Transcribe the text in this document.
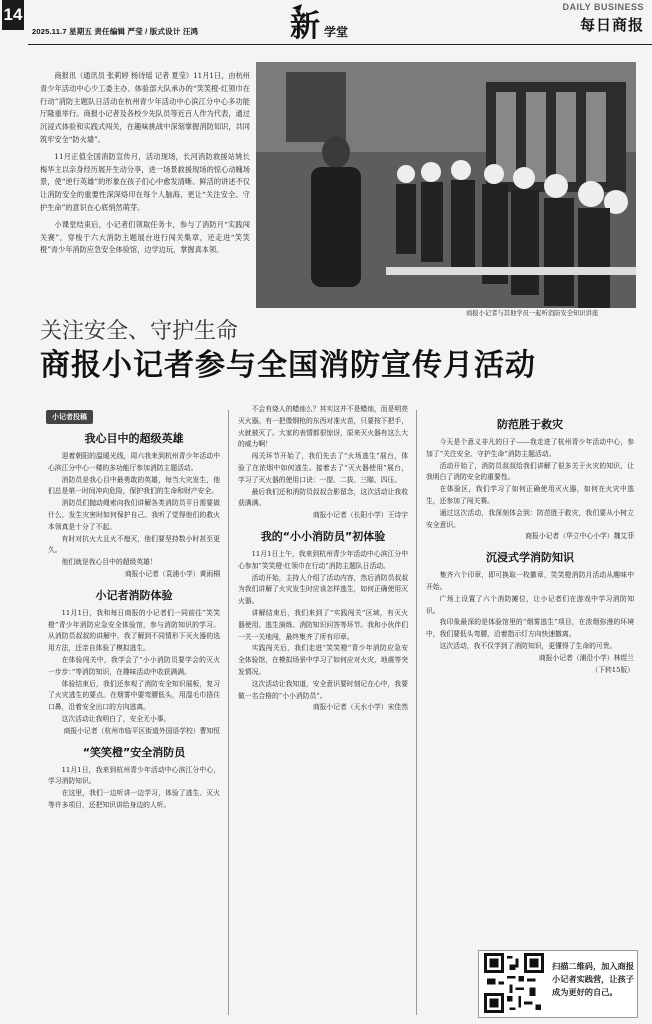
14
2025.11.7 星期五 责任编辑 严莹 / 版式设计 汪鸿	新 学堂
DAILY BUSINESS
每日商报

商报讯（通讯员 张莉婷 杨诗瑶 记者 夏莹）11月1日，由杭州青少年活动中心少工委主办、体验部大队承办的“笑笑橙·红领巾在行动”消防主题队日活动在杭州青少年活动中心滨江分中心多功能厅隆重举行。商报小记者及各校少先队员等近百人作为代表，通过沉浸式体验和实践式闯关，在趣味挑战中深刻掌握消防知识，共同筑牢安全“防火墙”。

11月正值全国消防宣传月，活动现场，长河消防救援站姚长梅华主以亲身经历展开生动分享，进一场景救援现场的惊心动魄场景，使“逆行英雄”的形象在孩子们心中愈发清晰。鲜活的讲述不仅让消防安全的重要性深深烙印在每个人脑海，更让“关注安全、守护生命”的意识在心底悄然萌芽。

小课堂结束后，小记者们领取任务卡，参与了消防月“实践闯关赛”，穿梭于六大消防主题展台进行闯关集章，还走进“笑笑橙”青少年消防应急安全体验馆，边学边玩，掌握真本领。

商报小记者与其他学员一起听消防安全知识讲座
关注安全、守护生命
商报小记者参与全国消防宣传月活动
小记者投稿
我心目中的超级英雄

迎着朝阳的温暖光线，周六我来到杭州青少年活动中心滨江分中心一楼的多功能厅参加消防主题活动。

消防员是我心目中最勇敢的英雄，每当大灾发生，他们总是第一时间冲向危险，保护我们的生命和财产安全。

消防员们抛动绳索向我们讲解各类消防员平日需要做什么，发生灾害时如何保护自己。我听了觉得他们的救火本领真是十分了不起。

有时对抗火大且火不熄灭，他们要坚持数小时甚至更久。

他们就是我心目中的超级英雄！

商报小记者（袁浦小学）黄雨桐

小记者消防体验

11月1日，我和每日商报的小记者们一同前往“笑笑橙”青少年消防应急安全体验馆，参与消防知识的学习。从消防员叔叔的讲解中，我了解到不同情形下灭火器的选用方法，还亲自体验了模拟逃生。

在体验闯关中，我学会了“小小消防员要学会的灭火一步步：”等消防知识，在趣味活动中收获满满。

体验结束后，我们还参观了消防安全知识展板，复习了火灾逃生的要点。在烟雾中要弯腰低头，用湿毛巾捂住口鼻，沿着安全出口的方向逃离。

这次活动让我明白了，安全无小事。

商报小记者（杭州市临平区街道外国语学校）曹知恒

“笑笑橙”安全消防员

11月1日，我来到杭州青少年活动中心滨江分中心，学习消防知识。

在这里，我们一边听讲一边学习，体验了逃生、灭火等许多项目，还把知识讲给身边的人听。

不会有烧人的蜡烛么？其实这并不是蜡烛，而是明亮灭火器。有一把像钢枪的东西对准火苗，只要按下把手，火就被灭了。大家的表情都很惊讶，原来灭火器有这么大的威力啊！

闯关环节开始了，我们先去了“火场逃生”展台，体验了在浓烟中如何逃生。接着去了“灭火器使用”展台，学习了灭火器的使用口诀：一提、二拔、三瞄、四压。

最后我们还和消防员叔叔合影留念，这次活动让我收获满满。

商报小记者（长阳小学）王诗宇

我的“小小消防员”初体验

11月1日上午，我来到杭州青少年活动中心滨江分中心参加“笑笑橙·红领巾在行动”消防主题队日活动。

活动开始，主持人介绍了活动内容，然后消防员叔叔为我们讲解了火灾发生时应该怎样逃生，如何正确使用灭火器。

讲解结束后，我们来到了“实践闯关”区域，有灭火器使用、逃生演练、消防知识问答等环节。我和小伙伴们一关一关地闯，最终集齐了所有印章。

实践闯关后，我们走进“笑笑橙”青少年消防应急安全体验馆，在模拟场景中学习了如何应对火灾、地震等突发情况。

这次活动让我知道，安全意识要时刻记在心中，我要做一名合格的“小小消防员”。

商报小记者（天水小学）宋佳然

防范胜于救灾

今天是个意义非凡的日子——我走进了杭州青少年活动中心，参加了“关注安全、守护生命”消防主题活动。

活动开始了，消防员叔叔给我们讲解了很多关于火灾的知识，让我明白了消防安全的重要性。

在体验区，我们学习了如何正确使用灭火器，如何在火灾中逃生，还参加了闯关赛。

通过这次活动，我深刻体会到：防范胜于救灾，我们要从小树立安全意识。

商报小记者（华立中心小学）魏艾菲

沉浸式学消防知识

集齐六个印章，即可换取一枚徽章，笑笑橙消防月活动从趣味中开始。

广场上设置了六个消防摊位，让小记者们在游戏中学习消防知识。

我印象最深的是体验馆里的“烟雾逃生”项目，在浓烟弥漫的环境中，我们要低头弯腰，沿着指示灯方向快速撤离。

这次活动，我不仅学到了消防知识，更懂得了生命的可贵。

商报小记者（浦沿小学）林煜兰

（下转15版）

扫描二维码，加入商报小记者实践营，让孩子成为更好的自己。
